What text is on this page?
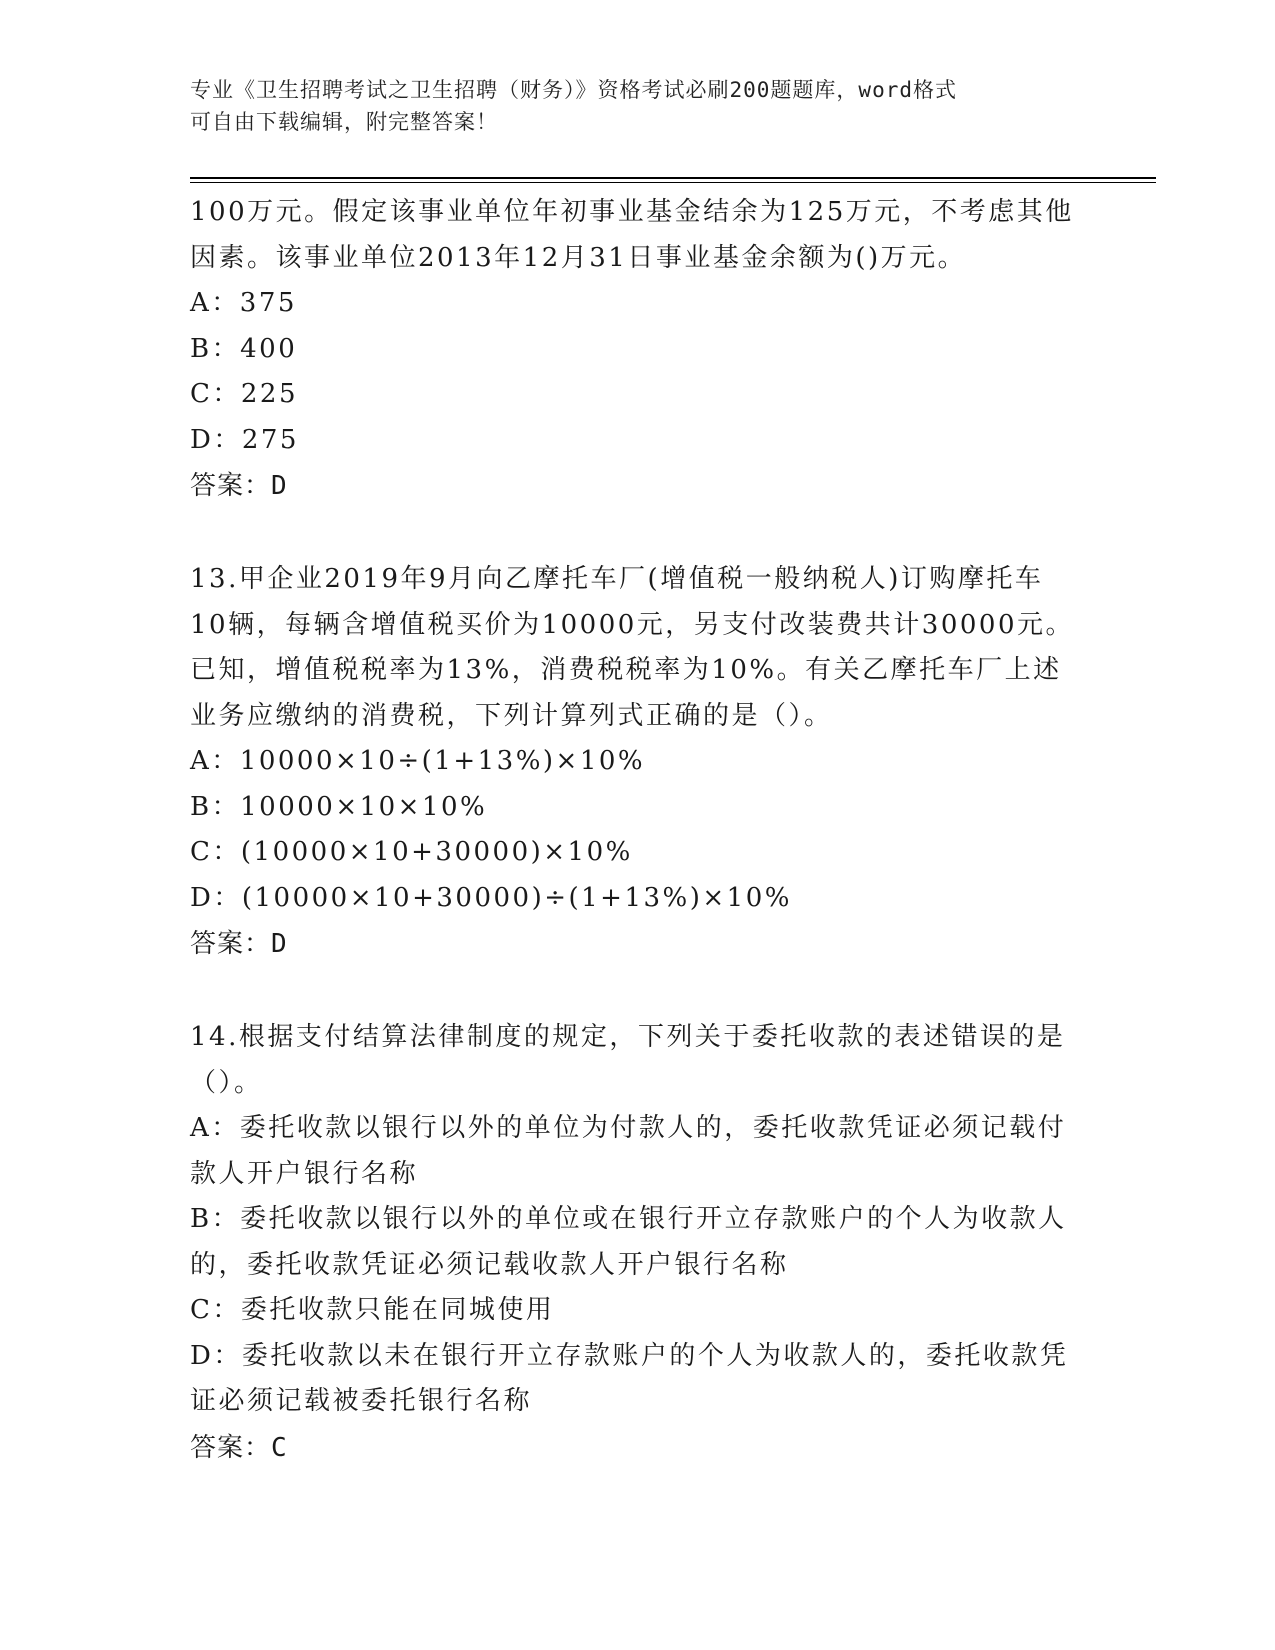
专业《卫生招聘考试之卫生招聘（财务）》资格考试必刷200题题库，word格式
可自由下载编辑，附完整答案！
100万元。假定该事业单位年初事业基金结余为125万元，不考虑其他
因素。该事业单位2013年12月31日事业基金余额为()万元。
A：375
B：400
C：225
D：275
答案：D
13.甲企业2019年9月向乙摩托车厂(增值税一般纳税人)订购摩托车
10辆，每辆含增值税买价为10000元，另支付改装费共计30000元。
已知，增值税税率为13%，消费税税率为10%。有关乙摩托车厂上述
业务应缴纳的消费税，下列计算列式正确的是（）。
A：10000×10÷(1+13%)×10%
B：10000×10×10%
C：(10000×10+30000)×10%
D：(10000×10+30000)÷(1+13%)×10%
答案：D
14.根据支付结算法律制度的规定，下列关于委托收款的表述错误的是
（）。
A：委托收款以银行以外的单位为付款人的，委托收款凭证必须记载付
款人开户银行名称
B：委托收款以银行以外的单位或在银行开立存款账户的个人为收款人
的，委托收款凭证必须记载收款人开户银行名称
C：委托收款只能在同城使用
D：委托收款以未在银行开立存款账户的个人为收款人的，委托收款凭
证必须记载被委托银行名称
答案：C
